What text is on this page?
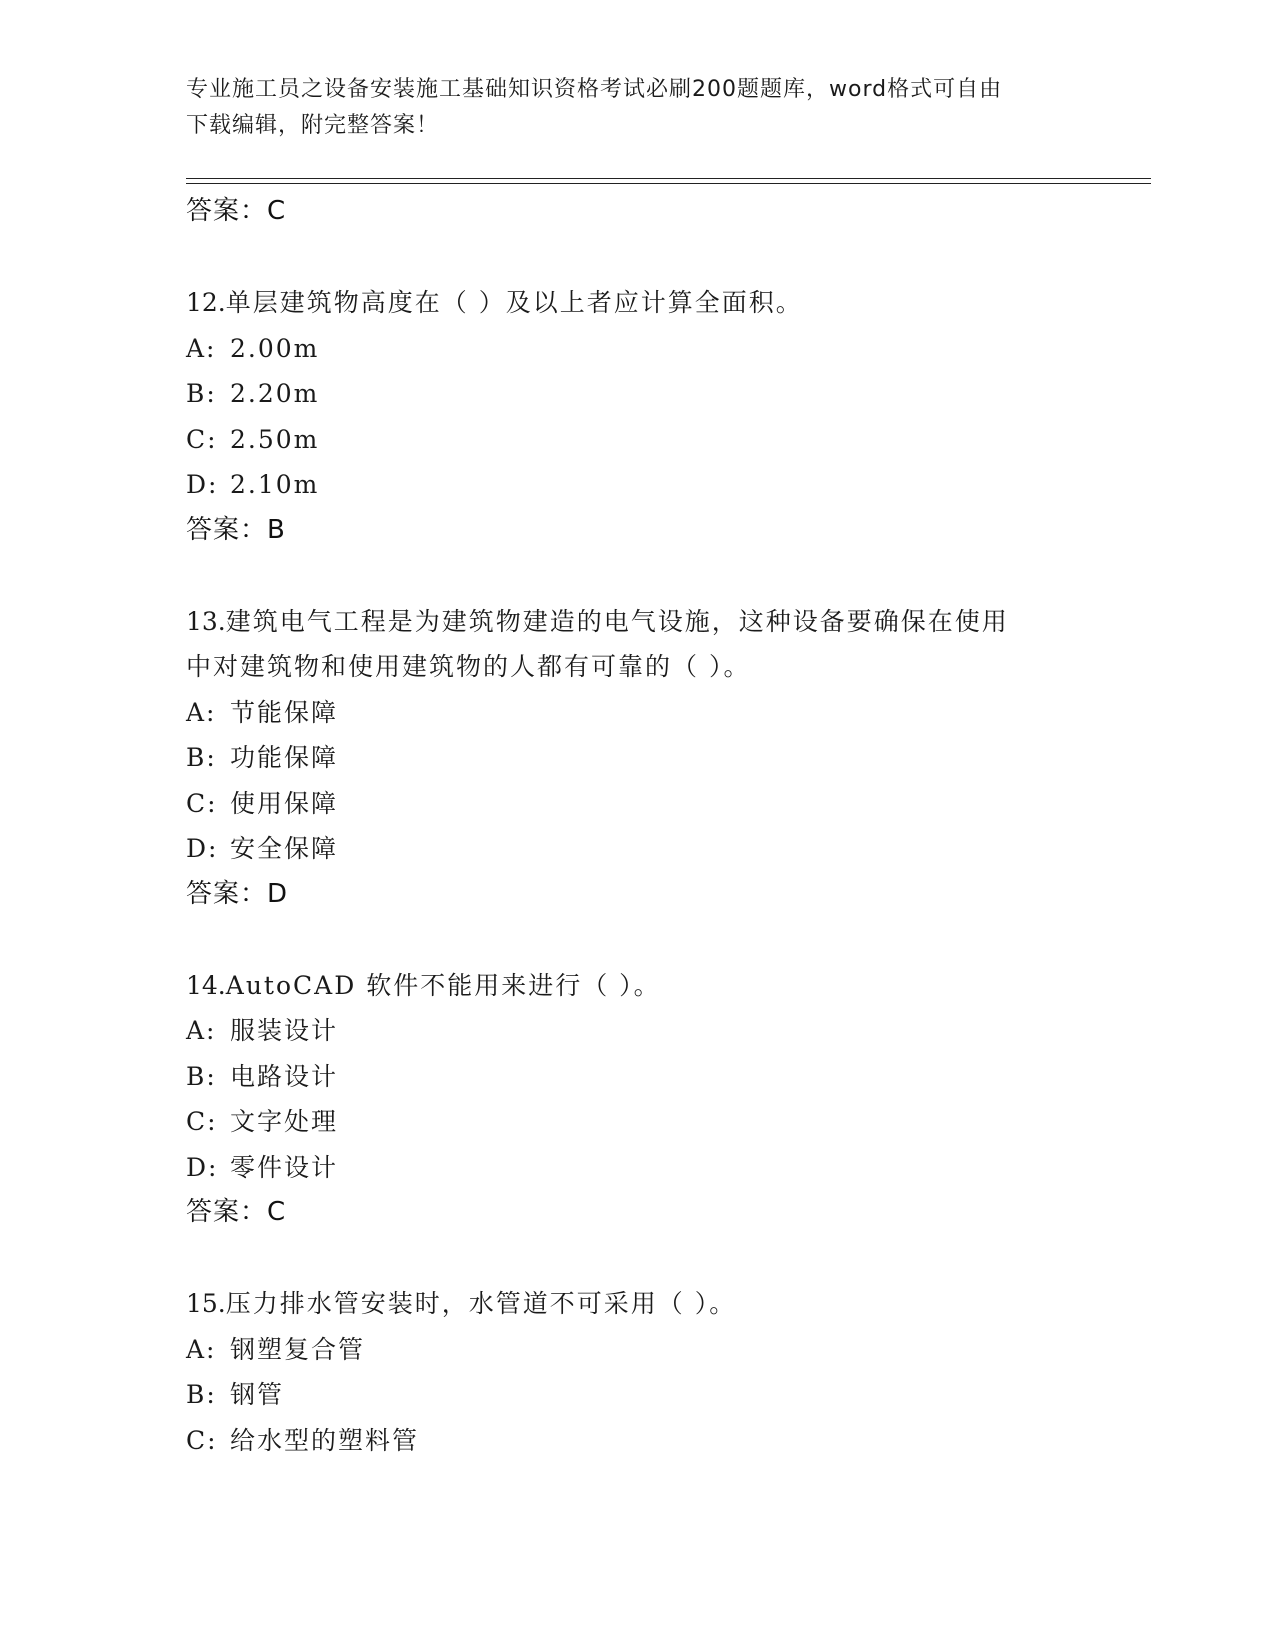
专业施工员之设备安装施工基础知识资格考试必刷200题题库，word格式可自由
下载编辑，附完整答案！
答案：C
12.单层建筑物高度在（ ）及以上者应计算全面积。
A: 2.00m
B: 2.20m
C: 2.50m
D: 2.10m
答案：B
13.建筑电气工程是为建筑物建造的电气设施，这种设备要确保在使用
中对建筑物和使用建筑物的人都有可靠的（ ）。
A: 节能保障
B: 功能保障
C: 使用保障
D: 安全保障
答案：D
14.AutoCAD 软件不能用来进行（ ）。
A: 服装设计
B: 电路设计
C: 文字处理
D: 零件设计
答案：C
15.压力排水管安装时，水管道不可采用（ ）。
A: 钢塑复合管
B: 钢管
C: 给水型的塑料管
